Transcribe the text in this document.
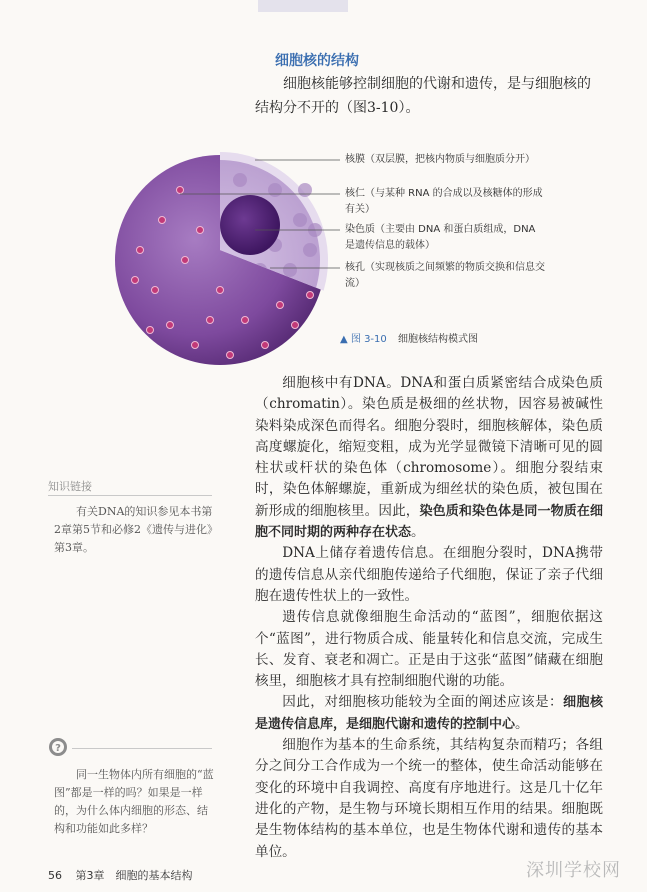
细胞核的结构

细胞核能够控制细胞的代谢和遗传，是与细胞核的结构分不开的（图3-10）。

核膜（双层膜，把核内物质与细胞质分开）

核仁（与某种 RNA 的合成以及核糖体的形成有关）

染色质（主要由 DNA 和蛋白质组成，DNA 是遗传信息的载体）

核孔（实现核质之间频繁的物质交换和信息交流）

▲ 图 3-10 细胞核结构模式图

细胞核中有DNA。DNA和蛋白质紧密结合成染色质（chromatin）。染色质是极细的丝状物，因容易被碱性染料染成深色而得名。细胞分裂时，细胞核解体，染色质高度螺旋化，缩短变粗，成为光学显微镜下清晰可见的圆柱状或杆状的染色体（chromosome）。细胞分裂结束时，染色体解螺旋，重新成为细丝状的染色质，被包围在新形成的细胞核里。因此，染色质和染色体是同一物质在细胞不同时期的两种存在状态。

DNA上储存着遗传信息。在细胞分裂时，DNA携带的遗传信息从亲代细胞传递给子代细胞，保证了亲子代细胞在遗传性状上的一致性。

遗传信息就像细胞生命活动的“蓝图”，细胞依据这个“蓝图”，进行物质合成、能量转化和信息交流，完成生长、发育、衰老和凋亡。正是由于这张“蓝图”储藏在细胞核里，细胞核才具有控制细胞代谢的功能。

因此，对细胞核功能较为全面的阐述应该是：细胞核是遗传信息库，是细胞代谢和遗传的控制中心。

细胞作为基本的生命系统，其结构复杂而精巧；各组分之间分工合作成为一个统一的整体，使生命活动能够在变化的环境中自我调控、高度有序地进行。这是几十亿年进化的产物，是生物与环境长期相互作用的结果。细胞既是生物体结构的基本单位，也是生物体代谢和遗传的基本单位。

知识链接

有关DNA的知识参见本书第2章第5节和必修2《遗传与进化》第3章。

?

同一生物体内所有细胞的“蓝图”都是一样的吗？如果是一样的，为什么体内细胞的形态、结构和功能如此多样？

56 第3章　细胞的基本结构	深圳学校网
